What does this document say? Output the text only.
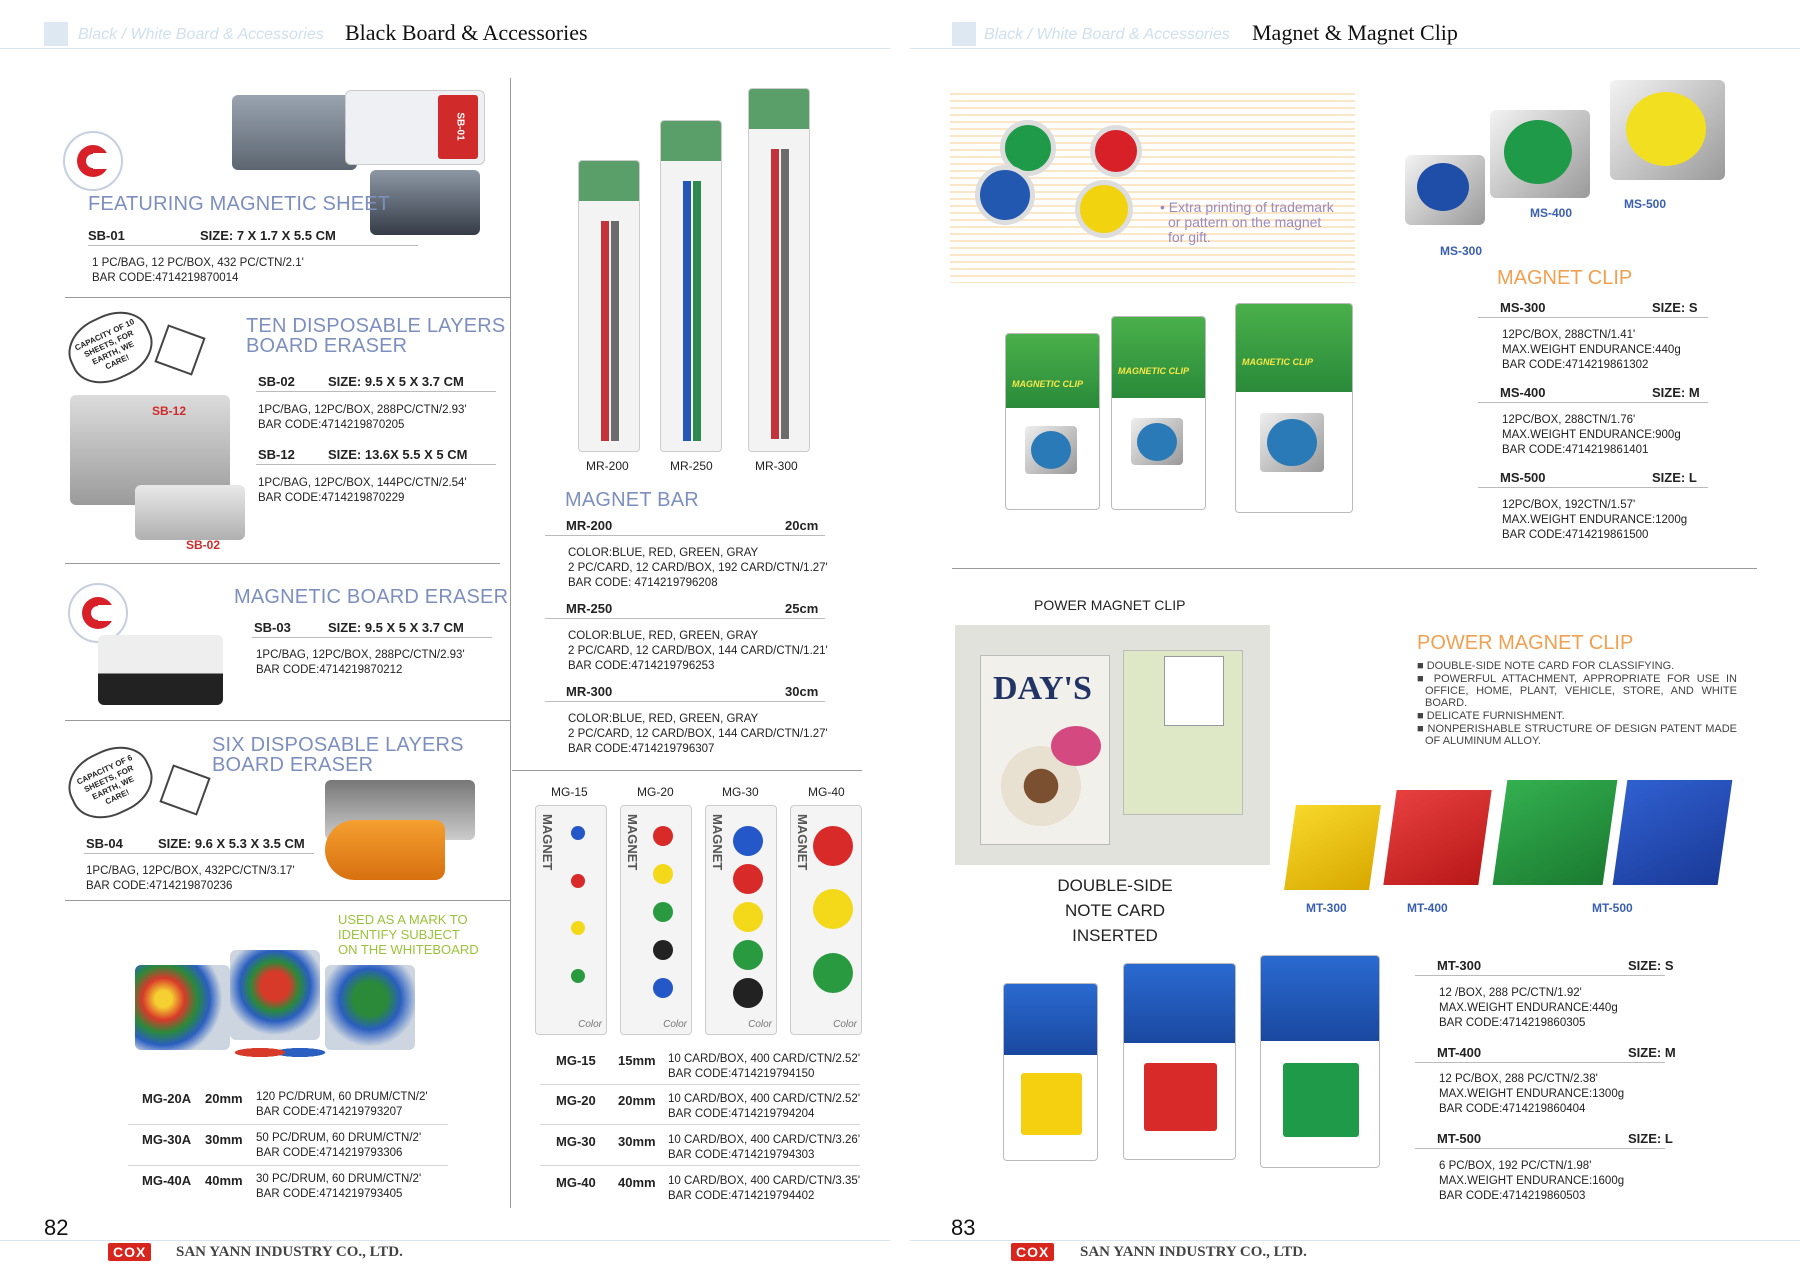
Black / White Board & Accessories Black Board & Accessories
SB-01
FEATURING MAGNETIC SHEET
SB-01	SIZE: 7 X 1.7 X 5.5 CM

1 PC/BAG, 12 PC/BOX, 432 PC/CTN/2.1'

BAR CODE:4714219870014

CAPACITY OF 10 SHEETS, FOR EARTH, WE CARE!
SB-12
SB-02
TEN DISPOSABLE LAYERS
BOARD ERASER
SB-02	SIZE: 9.5 X 5 X 3.7 CM

1PC/BAG, 12PC/BOX, 288PC/CTN/2.93'

BAR CODE:4714219870205

SB-12	SIZE: 13.6X 5.5 X 5 CM

1PC/BAG, 12PC/BOX, 144PC/CTN/2.54'

BAR CODE:4714219870229

MAGNETIC BOARD ERASER
SB-03	SIZE: 9.5 X 5 X 3.7 CM

1PC/BAG, 12PC/BOX, 288PC/CTN/2.93'

BAR CODE:4714219870212

CAPACITY OF 6 SHEETS, FOR EARTH, WE CARE!
SIX DISPOSABLE LAYERS
BOARD ERASER
SB-04	SIZE: 9.6 X 5.3 X 3.5 CM

1PC/BAG, 12PC/BOX, 432PC/CTN/3.17'

BAR CODE:4714219870236

USED AS A MARK TO
IDENTIFY SUBJECT
ON THE WHITEBOARD
MG-20A 20mm 120 PC/DRUM, 60 DRUM/CTN/2'

BAR CODE:4714219793207

MG-30A 30mm 50 PC/DRUM, 60 DRUM/CTN/2'

BAR CODE:4714219793306

MG-40A 40mm 30 PC/DRUM, 60 DRUM/CTN/2'

BAR CODE:4714219793405

MR-200	MR-250	MR-300
MAGNET BAR
MR-200	20cm

COLOR:BLUE, RED, GREEN, GRAY

2 PC/CARD, 12 CARD/BOX, 192 CARD/CTN/1.27'

BAR CODE: 4714219796208

MR-250	25cm

COLOR:BLUE, RED, GREEN, GRAY

2 PC/CARD, 12 CARD/BOX, 144 CARD/CTN/1.21'

BAR CODE:4714219796253

MR-300	30cm

COLOR:BLUE, RED, GREEN, GRAY

2 PC/CARD, 12 CARD/BOX, 144 CARD/CTN/1.27'

BAR CODE:4714219796307

MG-15	MG-20	MG-30	MG-40
MAGNET
Color
MAGNET
Color
MAGNET
Color
MAGNET
Color
MG-15 15mm 10 CARD/BOX, 400 CARD/CTN/2.52'

BAR CODE:4714219794150

MG-20 20mm 10 CARD/BOX, 400 CARD/CTN/2.52'

BAR CODE:4714219794204

MG-30 30mm 10 CARD/BOX, 400 CARD/CTN/3.26'

BAR CODE:4714219794303

MG-40 40mm 10 CARD/BOX, 400 CARD/CTN/3.35'

BAR CODE:4714219794402

82
COX	SAN YANN INDUSTRY CO., LTD.
Black / White Board & Accessories Magnet & Magnet Clip
• Extra printing of trademark
or pattern on the magnet
for gift.
MS-300
MS-400
MS-500
MAGNETIC CLIP
MAGNETIC CLIP
MAGNETIC CLIP
MAGNET CLIP
MS-300	SIZE: S

12PC/BOX, 288CTN/1.41'

MAX.WEIGHT ENDURANCE:440g

BAR CODE:4714219861302

MS-400	SIZE: M

12PC/BOX, 288CTN/1.76'

MAX.WEIGHT ENDURANCE:900g

BAR CODE:4714219861401

MS-500	SIZE: L

12PC/BOX, 192CTN/1.57'

MAX.WEIGHT ENDURANCE:1200g

BAR CODE:4714219861500

POWER MAGNET CLIP
DAY'S
DOUBLE-SIDE
NOTE CARD
INSERTED
POWER MAGNET CLIP
■ DOUBLE-SIDE NOTE CARD FOR CLASSIFYING.
■ POWERFUL ATTACHMENT, APPROPRIATE FOR USE IN OFFICE, HOME, PLANT, VEHICLE, STORE, AND WHITE BOARD.
■ DELICATE FURNISHMENT.
■ NONPERISHABLE STRUCTURE OF DESIGN PATENT MADE OF ALUMINUM ALLOY.
MT-300	MT-400	MT-500
MT-300	SIZE: S

12 /BOX, 288 PC/CTN/1.92'

MAX.WEIGHT ENDURANCE:440g

BAR CODE:4714219860305

MT-400	SIZE: M

12 PC/BOX, 288 PC/CTN/2.38'

MAX.WEIGHT ENDURANCE:1300g

BAR CODE:4714219860404

MT-500	SIZE: L

6 PC/BOX, 192 PC/CTN/1.98'

MAX.WEIGHT ENDURANCE:1600g

BAR CODE:4714219860503

83
COX	SAN YANN INDUSTRY CO., LTD.
